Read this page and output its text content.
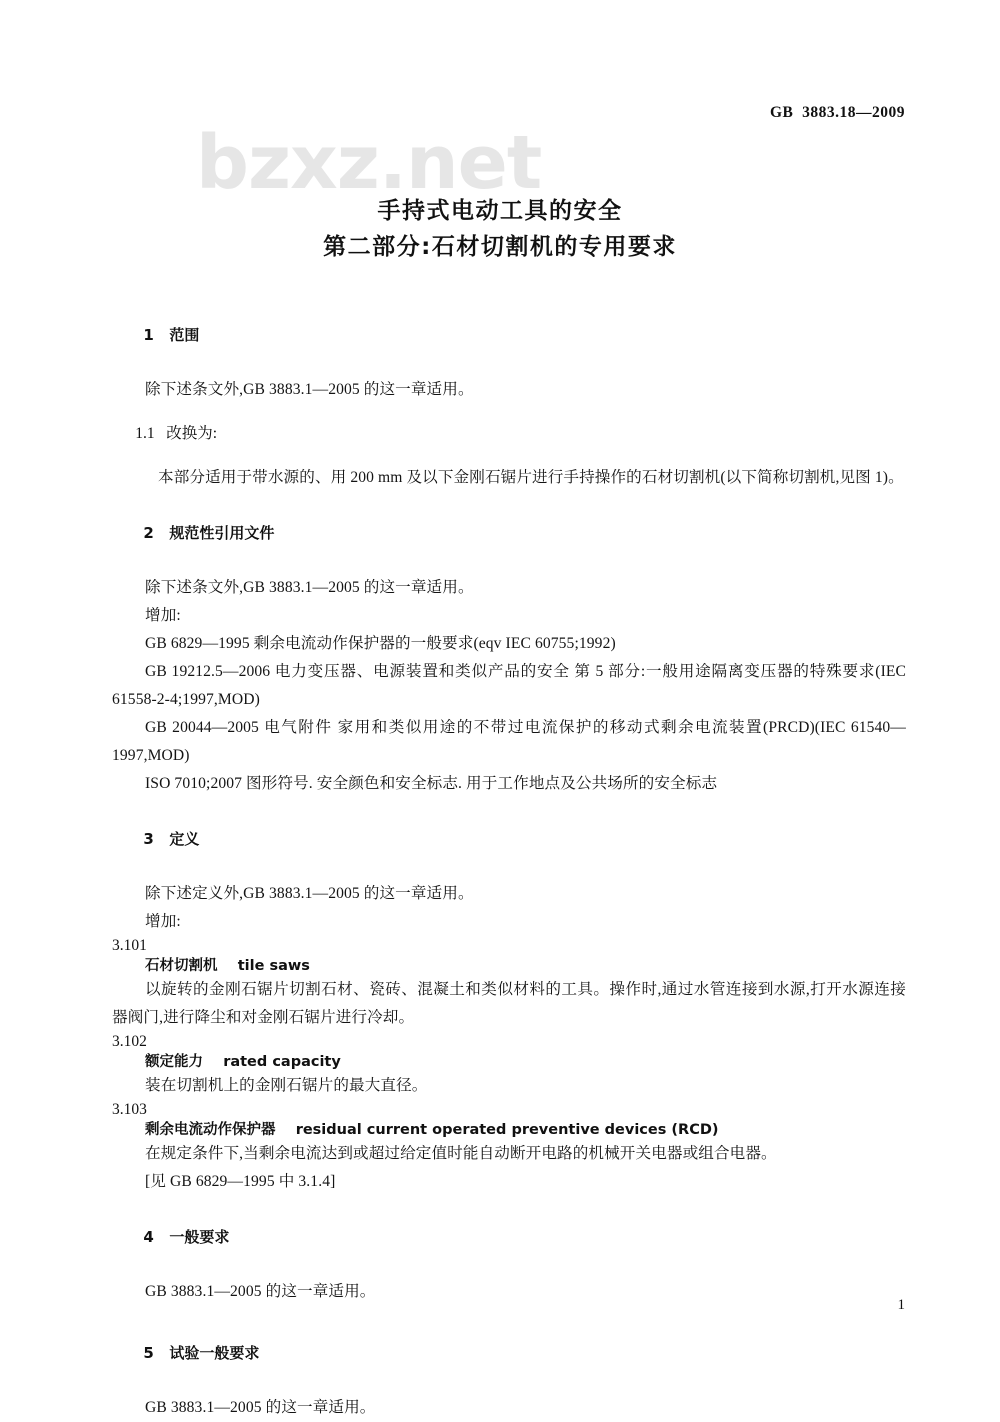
GB  3883.18—2009
bzxz.net
手持式电动工具的安全
第二部分:石材切割机的专用要求

1 范围

除下述条文外,GB 3883.1—2005 的这一章适用。

1.1 改换为:

本部分适用于带水源的、用 200 mm 及以下金刚石锯片进行手持操作的石材切割机(以下简称切割机,见图 1)。

2 规范性引用文件

除下述条文外,GB 3883.1—2005 的这一章适用。

增加:

GB 6829—1995 剩余电流动作保护器的一般要求(eqv IEC 60755;1992)

GB 19212.5—2006 电力变压器、电源装置和类似产品的安全 第 5 部分:一般用途隔离变压器的特殊要求(IEC 61558-2-4;1997,MOD)

GB 20044—2005 电气附件 家用和类似用途的不带过电流保护的移动式剩余电流装置(PRCD)(IEC 61540—1997,MOD)

ISO 7010;2007 图形符号. 安全颜色和安全标志. 用于工作地点及公共场所的安全标志

3 定义

除下述定义外,GB 3883.1—2005 的这一章适用。

增加:

3.101
石材切割机    tile saws

以旋转的金刚石锯片切割石材、瓷砖、混凝土和类似材料的工具。操作时,通过水管连接到水源,打开水源连接器阀门,进行降尘和对金刚石锯片进行冷却。

3.102
额定能力    rated capacity

装在切割机上的金刚石锯片的最大直径。

3.103
剩余电流动作保护器    residual current operated preventive devices (RCD)

在规定条件下,当剩余电流达到或超过给定值时能自动断开电路的机械开关电器或组合电器。

[见 GB 6829—1995 中 3.1.4]

4 一般要求

GB 3883.1—2005 的这一章适用。

5 试验一般要求

GB 3883.1—2005 的这一章适用。

1
